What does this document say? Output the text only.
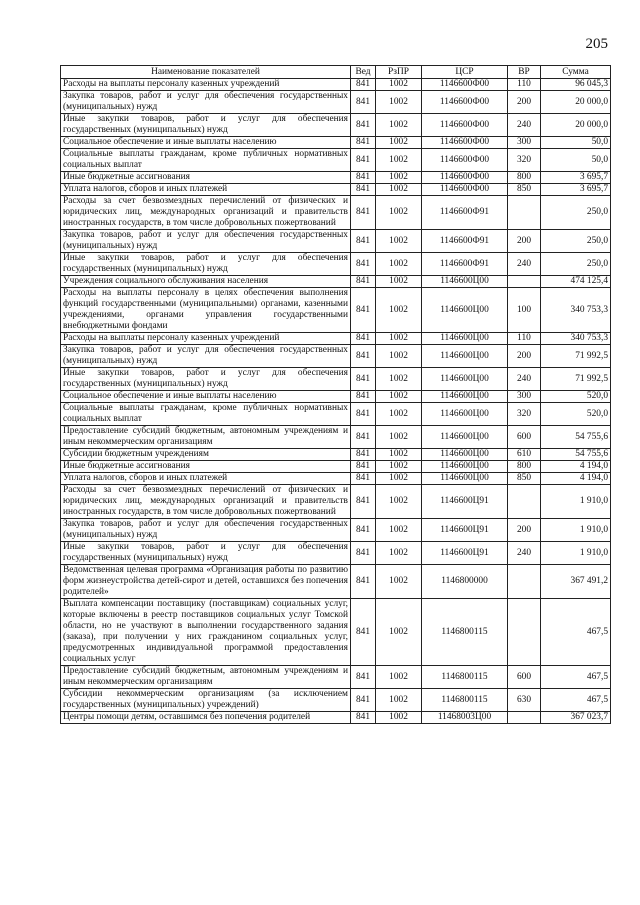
205
Наименование показателей	Вед	РзПР	ЦСР	ВР	Сумма
Расходы на выплаты персоналу казенных учреждений	841	1002	1146600Ф00	110	96 045,3
Закупка товаров, работ и услуг для обеспечения государственных (муниципальных) нужд	841	1002	1146600Ф00	200	20 000,0
Иные закупки товаров, работ и услуг для обеспечения государственных (муниципальных) нужд	841	1002	1146600Ф00	240	20 000,0
Социальное обеспечение и иные выплаты населению	841	1002	1146600Ф00	300	50,0
Социальные выплаты гражданам, кроме публичных нормативных социальных выплат	841	1002	1146600Ф00	320	50,0
Иные бюджетные ассигнования	841	1002	1146600Ф00	800	3 695,7
Уплата налогов, сборов и иных платежей	841	1002	1146600Ф00	850	3 695,7
Расходы за счет безвозмездных перечислений от физических и юридических лиц, международных организаций и правительств иностранных государств, в том числе добровольных пожертвований	841	1002	1146600Ф91		250,0
Закупка товаров, работ и услуг для обеспечения государственных (муниципальных) нужд	841	1002	1146600Ф91	200	250,0
Иные закупки товаров, работ и услуг для обеспечения государственных (муниципальных) нужд	841	1002	1146600Ф91	240	250,0
Учреждения социального обслуживания населения	841	1002	1146600Ц00		474 125,4
Расходы на выплаты персоналу в целях обеспечения выполнения функций государственными (муниципальными) органами, казенными учреждениями, органами управления государственными внебюджетными фондами	841	1002	1146600Ц00	100	340 753,3
Расходы на выплаты персоналу казенных учреждений	841	1002	1146600Ц00	110	340 753,3
Закупка товаров, работ и услуг для обеспечения государственных (муниципальных) нужд	841	1002	1146600Ц00	200	71 992,5
Иные закупки товаров, работ и услуг для обеспечения государственных (муниципальных) нужд	841	1002	1146600Ц00	240	71 992,5
Социальное обеспечение и иные выплаты населению	841	1002	1146600Ц00	300	520,0
Социальные выплаты гражданам, кроме публичных нормативных социальных выплат	841	1002	1146600Ц00	320	520,0
Предоставление субсидий бюджетным, автономным учреждениям и иным некоммерческим организациям	841	1002	1146600Ц00	600	54 755,6
Субсидии бюджетным учреждениям	841	1002	1146600Ц00	610	54 755,6
Иные бюджетные ассигнования	841	1002	1146600Ц00	800	4 194,0
Уплата налогов, сборов и иных платежей	841	1002	1146600Ц00	850	4 194,0
Расходы за счет безвозмездных перечислений от физических и юридических лиц, международных организаций и правительств иностранных государств, в том числе добровольных пожертвований	841	1002	1146600Ц91		1 910,0
Закупка товаров, работ и услуг для обеспечения государственных (муниципальных) нужд	841	1002	1146600Ц91	200	1 910,0
Иные закупки товаров, работ и услуг для обеспечения государственных (муниципальных) нужд	841	1002	1146600Ц91	240	1 910,0
Ведомственная целевая программа «Организация работы по развитию форм жизнеустройства детей-сирот и детей, оставшихся без попечения родителей»	841	1002	1146800000		367 491,2
Выплата компенсации поставщику (поставщикам) социальных услуг, которые включены в реестр поставщиков социальных услуг Томской области, но не участвуют в выполнении государственного задания (заказа), при получении у них гражданином социальных услуг, предусмотренных индивидуальной программой предоставления социальных услуг	841	1002	1146800115		467,5
Предоставление субсидий бюджетным, автономным учреждениям и иным некоммерческим организациям	841	1002	1146800115	600	467,5
Субсидии некоммерческим организациям (за исключением государственных (муниципальных) учреждений)	841	1002	1146800115	630	467,5
Центры помощи детям, оставшимся без попечения родителей	841	1002	11468003Ц00		367 023,7
